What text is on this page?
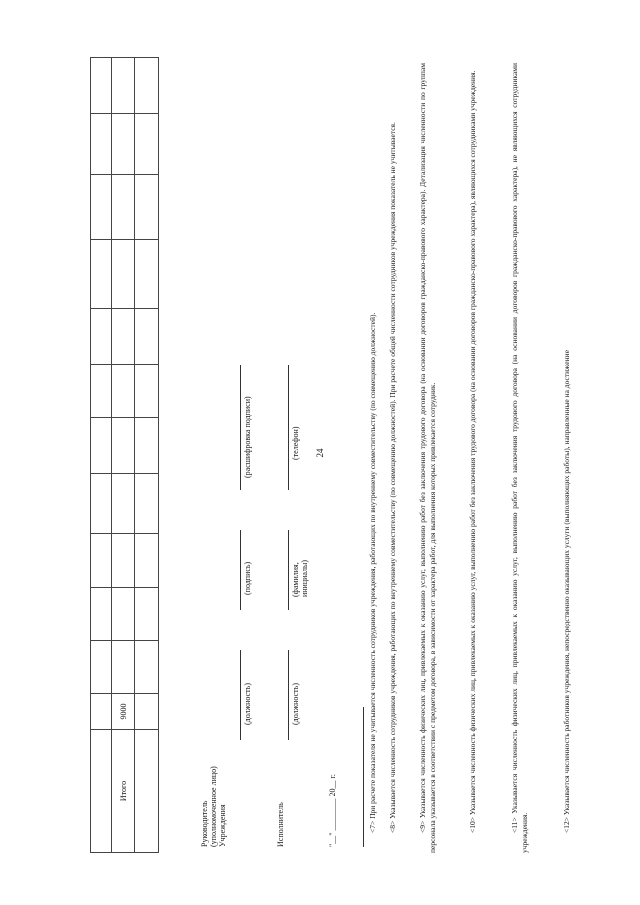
24

Итого	9000											

Руководитель (уполномоченное лицо) Учреждения
(должность)
(подпись)
(расшифровка подписи)
Исполнитель
(должность)
(фамилия, инициалы)
(телефон)
"__" ________ 20__ г.	<7> При расчете показателя не учитывается численность сотрудников учреждения, работающих по внутреннему совместительству (по совмещению должностей). <8> Указывается численность сотрудников учреждения, работающих по внутреннему совместительству (по совмещению должностей). При расчете общей численности сотрудников учреждения показатель не учитывается.	<9> Указывается численность физических лиц, привлекаемых к оказанию услуг, выполнению работ без заключения трудового договора (на основании договоров гражданско-правового характера). Детализация численности по группам персонала указывается в соответствии с предметом договора, в зависимости от характера работ, для выполнения которых привлекается сотрудник.	<10> Указывается численность физических лиц, привлекаемых к оказанию услуг, выполнению работ без заключения трудового договора (на основании договоров гражданско-правового характера), являющихся сотрудниками учреждения.	<11> Указывается численность физических лиц, привлекаемых к оказанию услуг, выполнению работ без заключения трудового договора (на основании договоров гражданско-правового характера), не являющихся сотрудниками учреждения.	<12> Указывается численность работников учреждения, непосредственно оказывающих услуги (выполняющих работы), направленные на достижение
